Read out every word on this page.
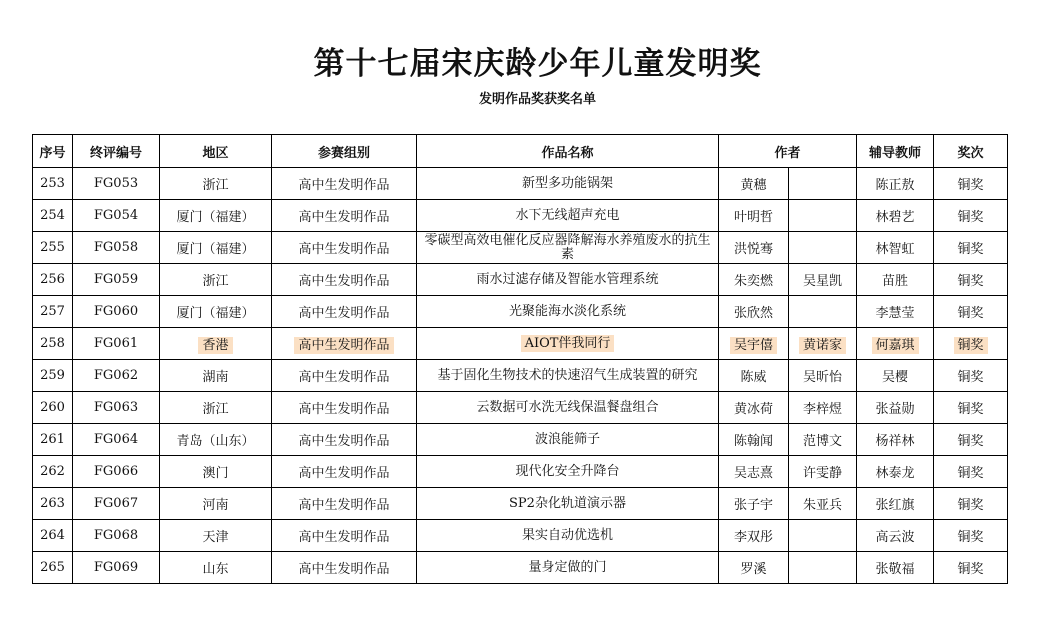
第十七届宋庆龄少年儿童发明奖
发明作品奖获奖名单
序号	终评编号	地区	参赛组别	作品名称	作者		辅导教师	奖次
253	FG053	浙江	高中生发明作品	新型多功能锅架	黄穗		陈正敖	铜奖
254	FG054	厦门（福建）	高中生发明作品	水下无线超声充电	叶明哲		林碧艺	铜奖
255	FG058	厦门（福建）	高中生发明作品	零碳型高效电催化反应器降解海水养殖废水的抗生素	洪悦骞		林智虹	铜奖
256	FG059	浙江	高中生发明作品	雨水过滤存储及智能水管理系统	朱奕燃	吴星凯	苗胜	铜奖
257	FG060	厦门（福建）	高中生发明作品	光聚能海水淡化系统	张欣然		李慧莹	铜奖
258	FG061	香港	高中生发明作品	AIOT伴我同行	吴宇僖	黄诺家	何嘉琪	铜奖
259	FG062	湖南	高中生发明作品	基于固化生物技术的快速沼气生成装置的研究	陈威	吴昕怡	吴樱	铜奖
260	FG063	浙江	高中生发明作品	云数据可水洗无线保温餐盘组合	黄冰荷	李梓煜	张益勋	铜奖
261	FG064	青岛（山东）	高中生发明作品	波浪能筛子	陈翰闻	范博文	杨祥林	铜奖
262	FG066	澳门	高中生发明作品	现代化安全升降台	吴志熹	许雯静	林泰龙	铜奖
263	FG067	河南	高中生发明作品	SP2杂化轨道演示器	张子宇	朱亚兵	张红旗	铜奖
264	FG068	天津	高中生发明作品	果实自动优选机	李双彤		高云波	铜奖
265	FG069	山东	高中生发明作品	量身定做的门	罗溪		张敬福	铜奖
